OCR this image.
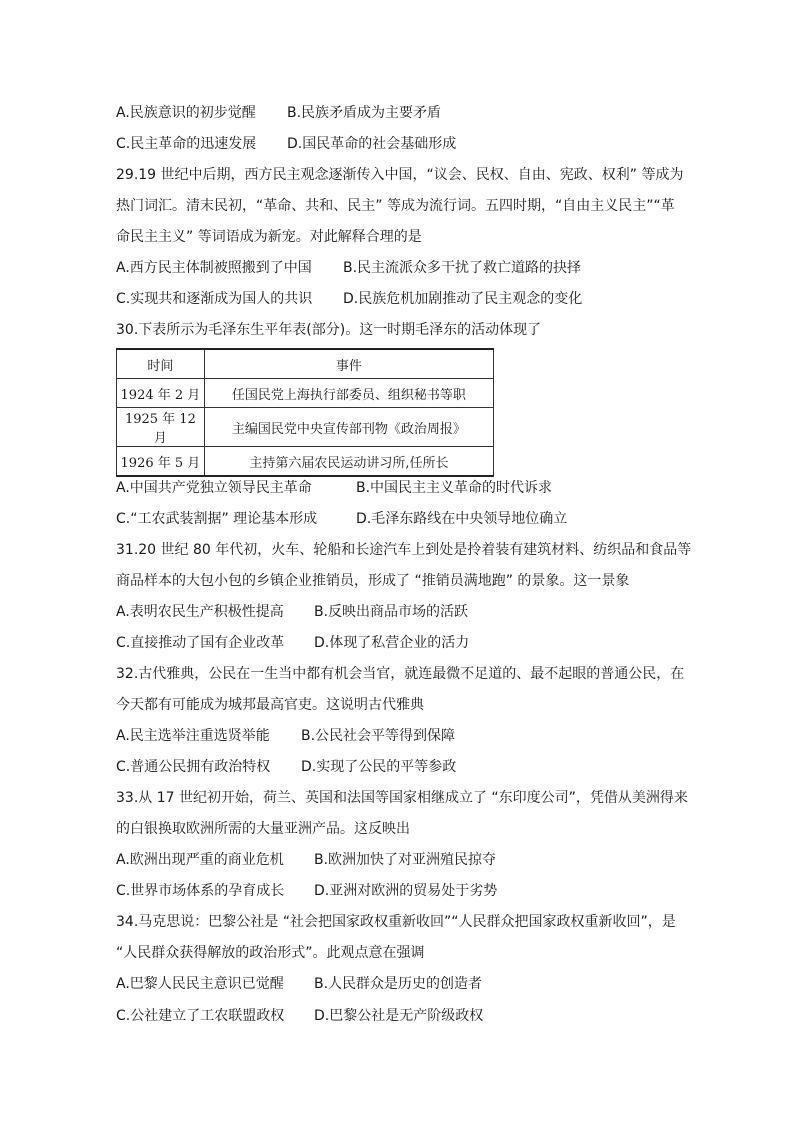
A.民族意识的初步觉醒 B.民族矛盾成为主要矛盾
C.民主革命的迅速发展 D.国民革命的社会基础形成
29.19 世纪中后期，西方民主观念逐渐传入中国，“议会、民权、自由、宪政、权利” 等成为
热门词汇。清末民初，“革命、共和、民主” 等成为流行词。五四时期，“自由主义民主”“革
命民主主义” 等词语成为新宠。对此解释合理的是
A.西方民主体制被照搬到了中国 B.民主流派众多干扰了救亡道路的抉择
C.实现共和逐渐成为国人的共识 D.民族危机加剧推动了民主观念的变化
30.下表所示为毛泽东生平年表(部分)。这一时期毛泽东的活动体现了
时间	事件
1924 年 2 月	任国民党上海执行部委员、组织秘书等职
1925 年 12 月	主编国民党中央宣传部刊物《政治周报》
1926 年 5 月	主持第六届农民运动讲习所,任所长
A.中国共产党独立领导民主革命	B.中国民主主义革命的时代诉求
C.“工农武装割据” 理论基本形成	D.毛泽东路线在中央领导地位确立
31.20 世纪 80 年代初，火车、轮船和长途汽车上到处是拎着装有建筑材料、纺织品和食品等
商品样本的大包小包的乡镇企业推销员，形成了 “推销员满地跑” 的景象。这一景象
A.表明农民生产积极性提高 B.反映出商品市场的活跃
C.直接推动了国有企业改革 D.体现了私营企业的活力
32.古代雅典，公民在一生当中都有机会当官，就连最微不足道的、最不起眼的普通公民，在
今天都有可能成为城邦最高官吏。这说明古代雅典
A.民主选举注重选贤举能 B.公民社会平等得到保障
C.普通公民拥有政治特权 D.实现了公民的平等参政
33.从 17 世纪初开始，荷兰、英国和法国等国家相继成立了 “东印度公司”，凭借从美洲得来
的白银换取欧洲所需的大量亚洲产品。这反映出
A.欧洲出现严重的商业危机 B.欧洲加快了对亚洲殖民掠夺
C.世界市场体系的孕育成长 D.亚洲对欧洲的贸易处于劣势
34.马克思说：巴黎公社是 “社会把国家政权重新收回”“人民群众把国家政权重新收回”，是
“人民群众获得解放的政治形式”。此观点意在强调
A.巴黎人民民主意识已觉醒 B.人民群众是历史的创造者
C.公社建立了工农联盟政权 D.巴黎公社是无产阶级政权
